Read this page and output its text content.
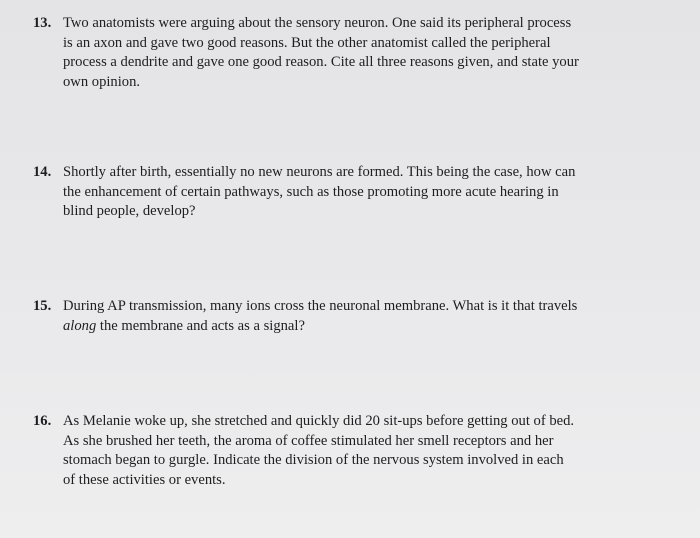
13. Two anatomists were arguing about the sensory neuron. One said its peripheral process
is an axon and gave two good reasons. But the other anatomist called the peripheral
process a dendrite and gave one good reason. Cite all three reasons given, and state your
own opinion.
14. Shortly after birth, essentially no new neurons are formed. This being the case, how can
the enhancement of certain pathways, such as those promoting more acute hearing in
blind people, develop?
15. During AP transmission, many ions cross the neuronal membrane. What is it that travels
along the membrane and acts as a signal?
16. As Melanie woke up, she stretched and quickly did 20 sit-ups before getting out of bed.
As she brushed her teeth, the aroma of coffee stimulated her smell receptors and her
stomach began to gurgle. Indicate the division of the nervous system involved in each
of these activities or events.
